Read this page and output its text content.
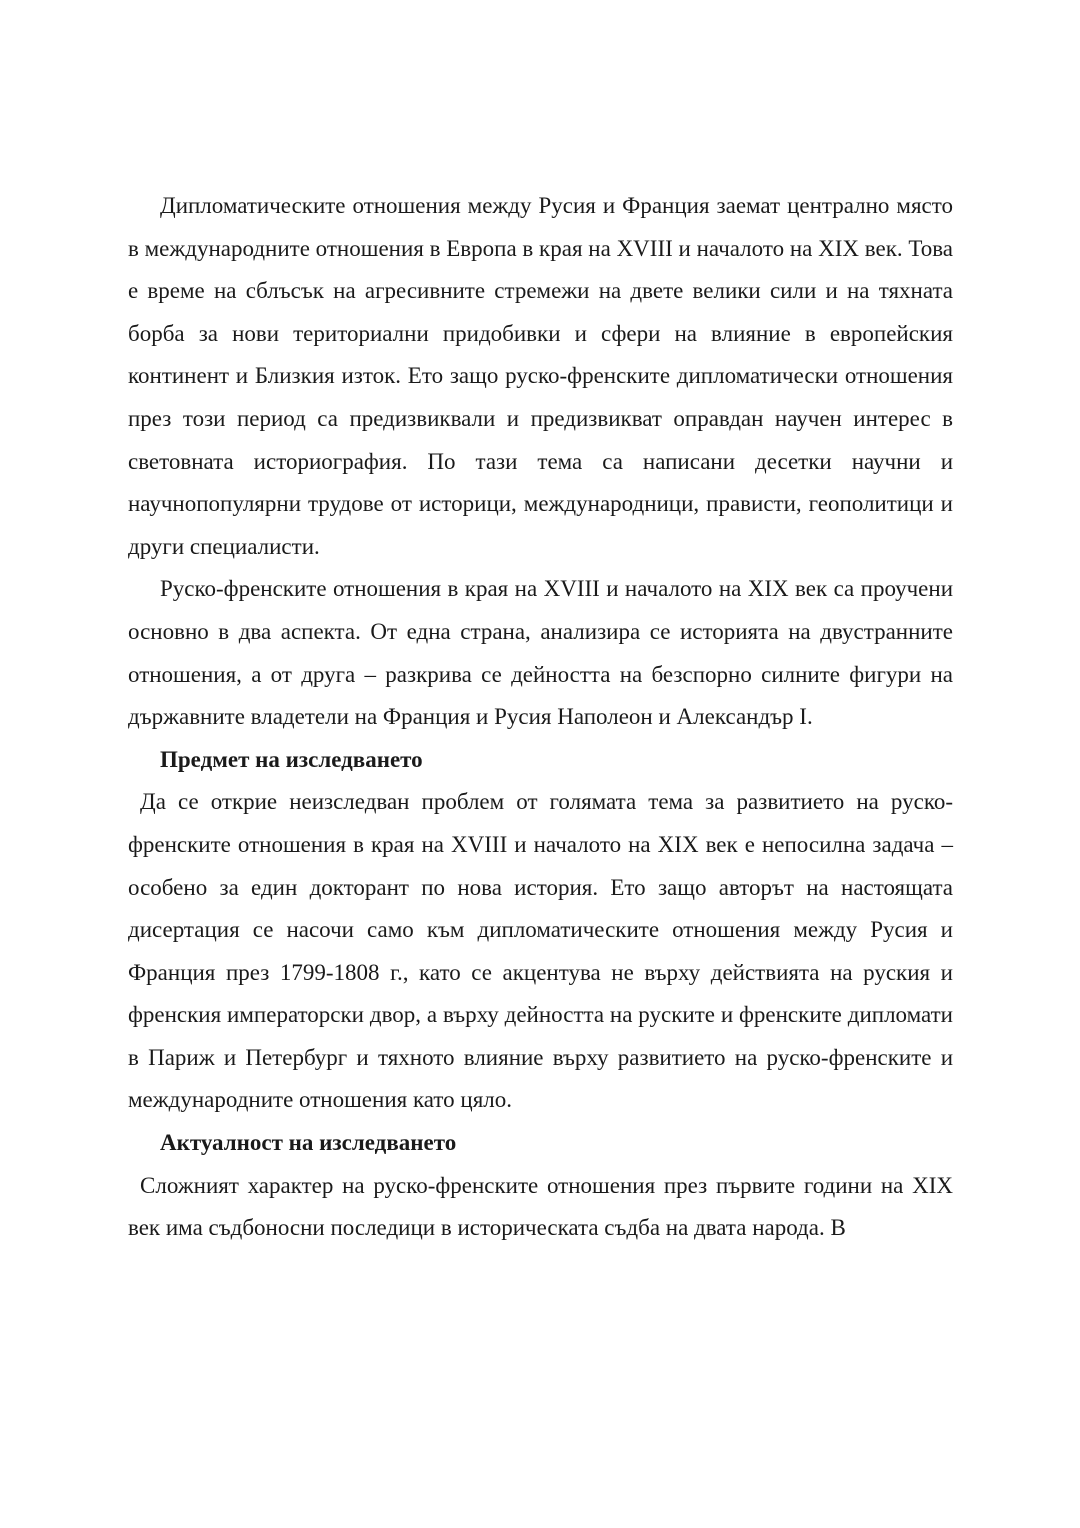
Дипломатическите отношения между Русия и Франция заемат централно място в международните отношения в Европа в края на XVIII и началото на XIX век. Това е време на сблъсък на агресивните стремежи на двете велики сили и на тяхната борба за нови териториални придобивки и сфери на влияние в европейския континент и Близкия изток. Ето защо руско-френските дипломатически отношения през този период са предизвиквали и предизвикват оправдан научен интерес в световната историография. По тази тема са написани десетки научни и научнопопулярни трудове от историци, международници, прависти, геополитици и други специалисти.

Руско-френските отношения в края на XVIII и началото на XIX век са проучени основно в два аспекта. От една страна, анализира се историята на двустранните отношения, а от друга – разкрива се дейността на безспорно силните фигури на държавните владетели на Франция и Русия Наполеон и Александър I.

Предмет на изследването

Да се открие неизследван проблем от голямата тема за развитието на руско-френските отношения в края на XVIII и началото на XIX век е непосилна задача – особено за един докторант по нова история. Ето защо авторът на настоящата дисертация се насочи само към дипломатическите отношения между Русия и Франция през 1799-1808 г., като се акцентува не върху действията на руския и френския императорски двор, а върху дейността на руските и френските дипломати в Париж и Петербург и тяхното влияние върху развитието на руско-френските и международните отношения като цяло.

Актуалност на изследването

Сложният характер на руско-френските отношения през първите години на XIX век има съдбоносни последици в историческата съдба на двата народа. В
